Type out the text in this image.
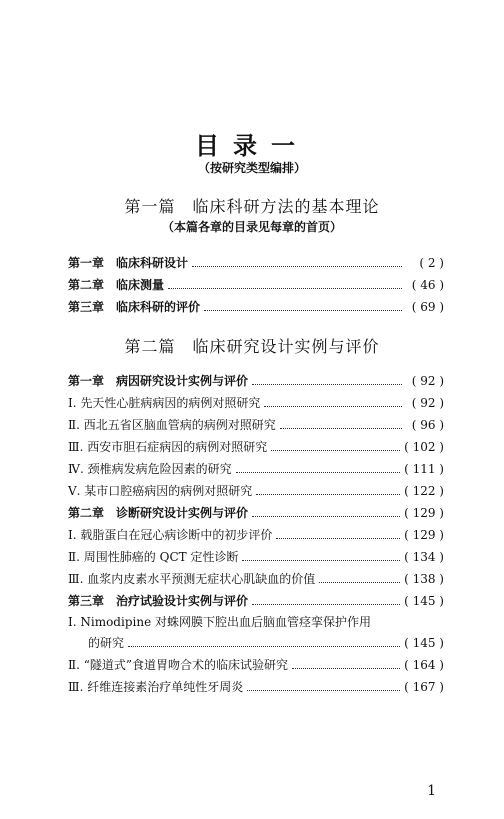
目录一
（按研究类型编排）
第一篇　临床科研方法的基本理论
（本篇各章的目录见每章的首页）
第一章　临床科研设计	( 2 )
第二章　临床测量	( 46 )
第三章　临床科研的评价	( 69 )
第二篇　临床研究设计实例与评价
第一章　病因研究设计实例与评价	( 92 )
Ⅰ. 先天性心脏病病因的病例对照研究	( 92 )
Ⅱ. 西北五省区脑血管病的病例对照研究	( 96 )
Ⅲ. 西安市胆石症病因的病例对照研究	( 102 )
Ⅳ. 颈椎病发病危险因素的研究	( 111 )
Ⅴ. 某市口腔癌病因的病例对照研究	( 122 )
第二章　诊断研究设计实例与评价	( 129 )
Ⅰ. 载脂蛋白在冠心病诊断中的初步评价	( 129 )
Ⅱ. 周围性肺癌的 QCT 定性诊断	( 134 )
Ⅲ. 血浆内皮素水平预测无症状心肌缺血的价值	( 138 )
第三章　治疗试验设计实例与评价	( 145 )
Ⅰ. Nimodipine 对蛛网膜下腔出血后脑血管痉挛保护作用
的研究	( 145 )
Ⅱ. “隧道式”食道胃吻合术的临床试验研究	( 164 )
Ⅲ. 纤维连接素治疗单纯性牙周炎	( 167 )
1
